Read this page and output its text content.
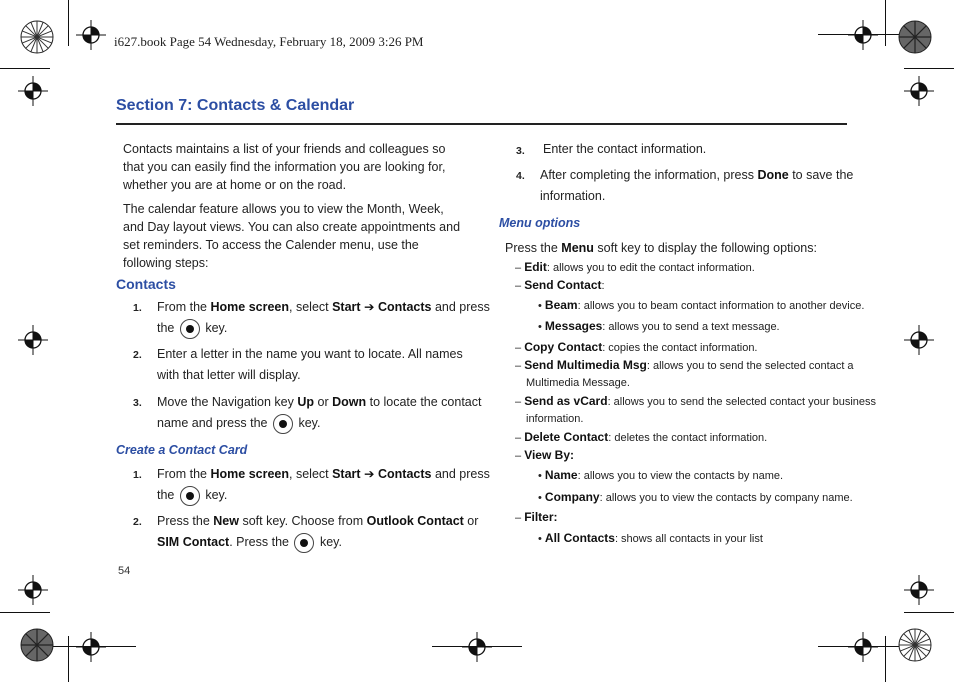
i627.book Page 54 Wednesday, February 18, 2009 3:26 PM
Section 7: Contacts & Calendar
Contacts maintains a list of your friends and colleagues so that you can easily find the information you are looking for, whether you are at home or on the road.
The calendar feature allows you to view the Month, Week, and Day layout views. You can also create appointments and set reminders. To access the Calender menu, use the following steps:
Contacts
1. From the Home screen, select Start ➔ Contacts and press
the  key.
2. Enter a letter in the name you want to locate. All names
with that letter will display.
3. Move the Navigation key Up or Down to locate the contact
name and press the  key.
Create a Contact Card
1. From the Home screen, select Start ➔ Contacts and press
the  key.
2. Press the New soft key. Choose from Outlook Contact or
SIM Contact. Press the  key.
54
3. Enter the contact information.
4. After completing the information, press Done to save the
information.
Menu options
Press the Menu soft key to display the following options:
– Edit: allows you to edit the contact information.
– Send Contact:
• Beam: allows you to beam contact information to another device.
• Messages: allows you to send a text message.
– Copy Contact: copies the contact information.
– Send Multimedia Msg: allows you to send the selected contact a
Multimedia Message.
– Send as vCard: allows you to send the selected contact your business
information.
– Delete Contact: deletes the contact information.
– View By:
• Name: allows you to view the contacts by name.
• Company: allows you to view the contacts by company name.
– Filter:
• All Contacts: shows all contacts in your list
